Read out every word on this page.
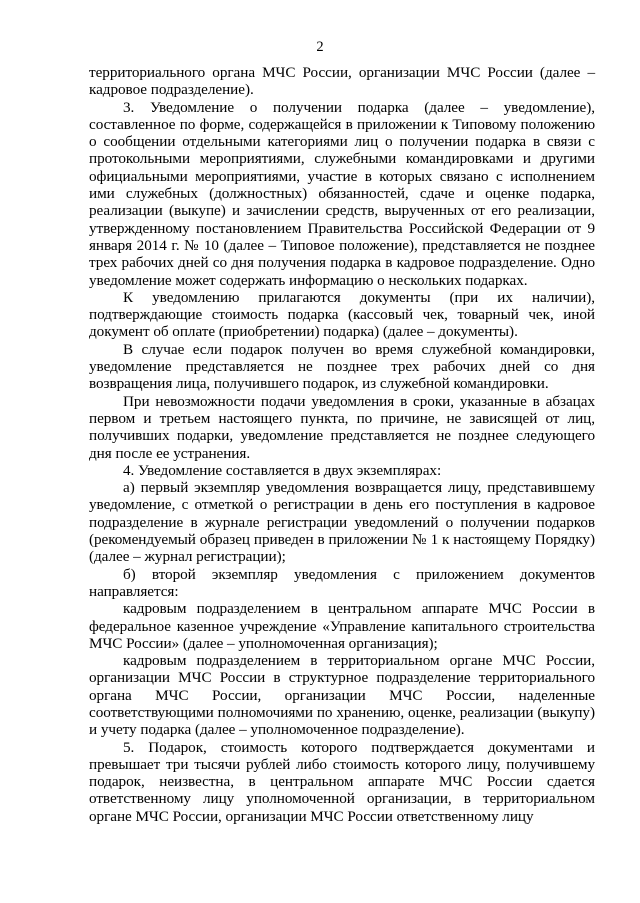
2

территориального органа МЧС России, организации МЧС России (далее – кадровое подразделение).

3. Уведомление о получении подарка (далее – уведомление), составленное по форме, содержащейся в приложении к Типовому положению о сообщении отдельными категориями лиц о получении подарка в связи с протокольными мероприятиями, служебными командировками и другими официальными мероприятиями, участие в которых связано с исполнением ими служебных (должностных) обязанностей, сдаче и оценке подарка, реализации (выкупе) и зачислении средств, вырученных от его реализации, утвержденному постановлением Правительства Российской Федерации от 9 января 2014 г. № 10 (далее – Типовое положение), представляется не позднее трех рабочих дней со дня получения подарка в кадровое подразделение. Одно уведомление может содержать информацию о нескольких подарках.

К уведомлению прилагаются документы (при их наличии), подтверждающие стоимость подарка (кассовый чек, товарный чек, иной документ об оплате (приобретении) подарка) (далее – документы).

В случае если подарок получен во время служебной командировки, уведомление представляется не позднее трех рабочих дней со дня возвращения лица, получившего подарок, из служебной командировки.

При невозможности подачи уведомления в сроки, указанные в абзацах первом и третьем настоящего пункта, по причине, не зависящей от лиц, получивших подарки, уведомление представляется не позднее следующего дня после ее устранения.

4. Уведомление составляется в двух экземплярах:

а) первый экземпляр уведомления возвращается лицу, представившему уведомление, с отметкой о регистрации в день его поступления в кадровое подразделение в журнале регистрации уведомлений о получении подарков (рекомендуемый образец приведен в приложении № 1 к настоящему Порядку) (далее – журнал регистрации);

б) второй экземпляр уведомления с приложением документов направляется:

кадровым подразделением в центральном аппарате МЧС России в федеральное казенное учреждение «Управление капитального строительства МЧС России» (далее – уполномоченная организация);

кадровым подразделением в территориальном органе МЧС России, организации МЧС России в структурное подразделение территориального органа МЧС России, организации МЧС России, наделенные соответствующими полномочиями по хранению, оценке, реализации (выкупу) и учету подарка (далее – уполномоченное подразделение).

5. Подарок, стоимость которого подтверждается документами и превышает три тысячи рублей либо стоимость которого лицу, получившему подарок, неизвестна, в центральном аппарате МЧС России сдается ответственному лицу уполномоченной организации, в территориальном органе МЧС России, организации МЧС России ответственному лицу
